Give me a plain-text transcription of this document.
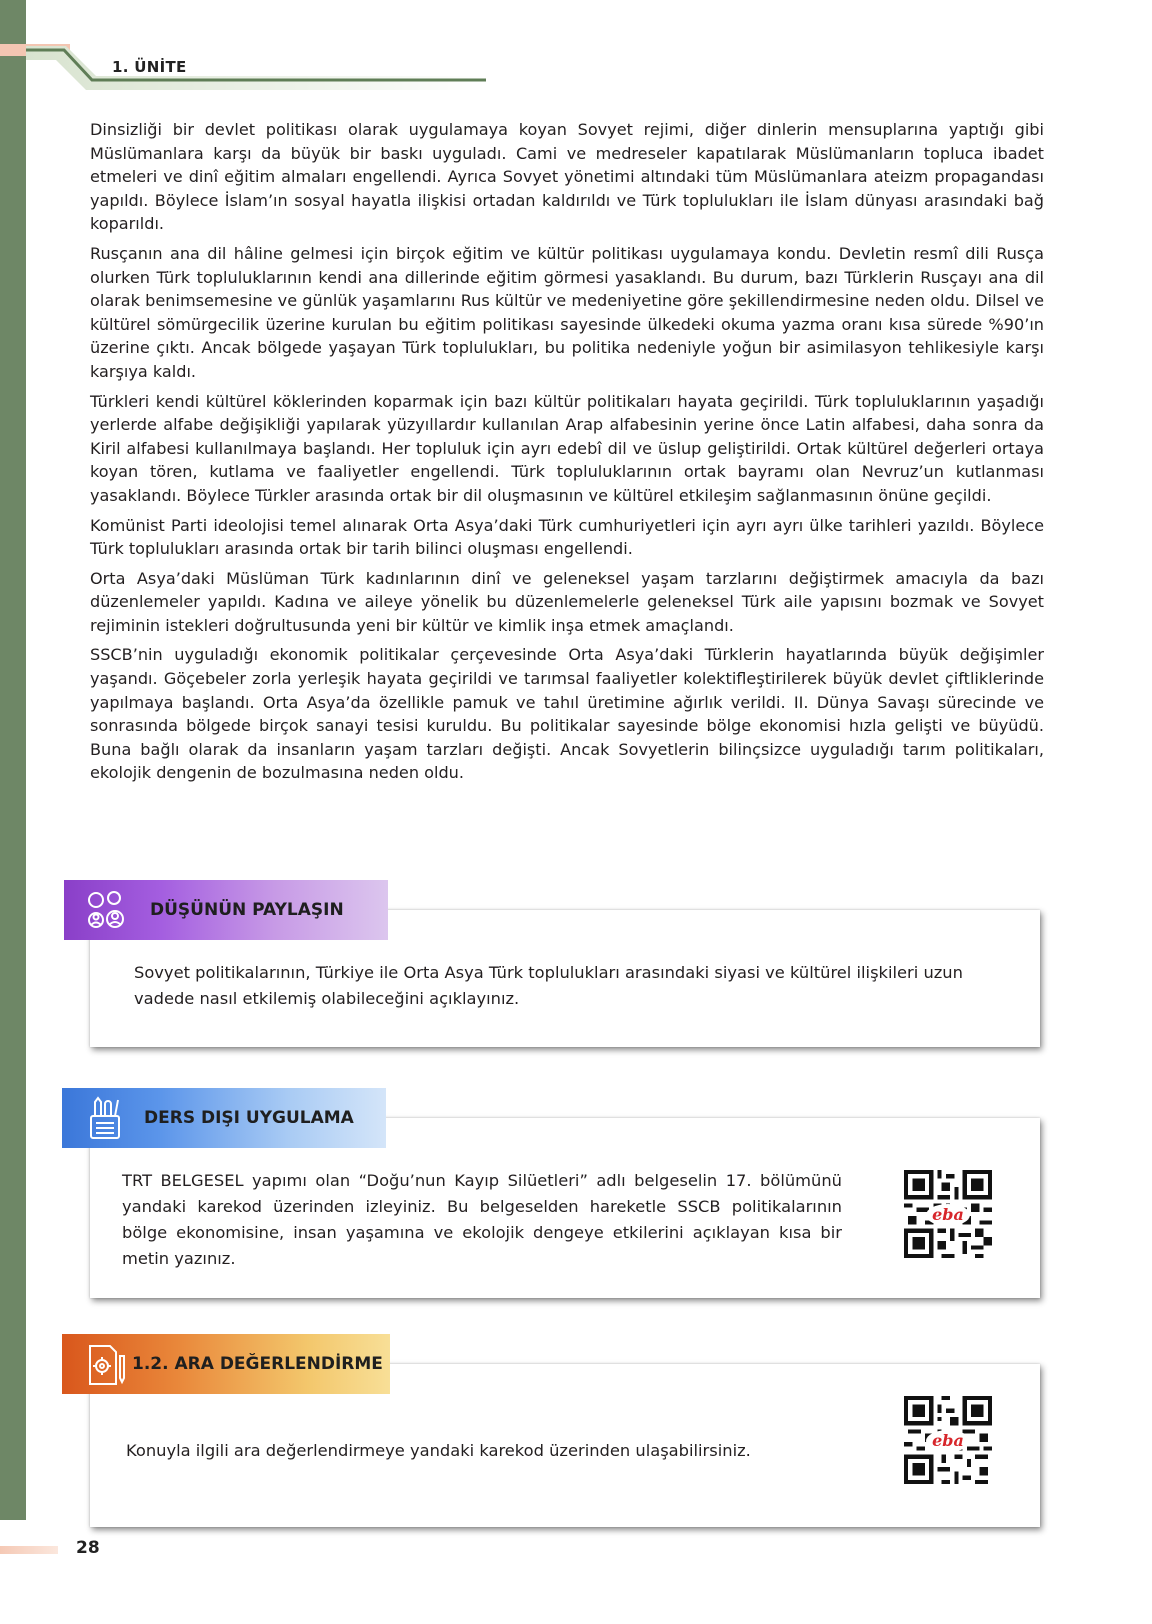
1. ÜNİTE

Dinsizliği bir devlet politikası olarak uygulamaya koyan Sovyet rejimi, diğer dinlerin mensuplarına yaptığı gibi Müslümanlara karşı da büyük bir baskı uyguladı. Cami ve medreseler kapatılarak Müslümanların topluca ibadet etmeleri ve dinî eğitim almaları engellendi. Ayrıca Sovyet yönetimi altındaki tüm Müslümanlara ateizm propagandası yapıldı. Böylece İslam’ın sosyal hayatla ilişkisi ortadan kaldırıldı ve Türk toplulukları ile İslam dünyası arasındaki bağ koparıldı.

Rusçanın ana dil hâline gelmesi için birçok eğitim ve kültür politikası uygulamaya kondu. Devletin resmî dili Rusça olurken Türk topluluklarının kendi ana dillerinde eğitim görmesi yasaklandı. Bu durum, bazı Türklerin Rusçayı ana dil olarak benimsemesine ve günlük yaşamlarını Rus kültür ve medeniyetine göre şekillendirmesine neden oldu. Dilsel ve kültürel sömürgecilik üzerine kurulan bu eğitim politikası sayesinde ülkedeki okuma yazma oranı kısa sürede %90’ın üzerine çıktı. Ancak bölgede yaşayan Türk toplulukları, bu politika nedeniyle yoğun bir asimilasyon tehlikesiyle karşı karşıya kaldı.

Türkleri kendi kültürel köklerinden koparmak için bazı kültür politikaları hayata geçirildi. Türk topluluklarının yaşadığı yerlerde alfabe değişikliği yapılarak yüzyıllardır kullanılan Arap alfabesinin yerine önce Latin alfabesi, daha sonra da Kiril alfabesi kullanılmaya başlandı. Her topluluk için ayrı edebî dil ve üslup geliştirildi. Ortak kültürel değerleri ortaya koyan tören, kutlama ve faaliyetler engellendi. Türk topluluklarının ortak bayramı olan Nevruz’un kutlanması yasaklandı. Böylece Türkler arasında ortak bir dil oluşmasının ve kültürel etkileşim sağlanmasının önüne geçildi.

Komünist Parti ideolojisi temel alınarak Orta Asya’daki Türk cumhuriyetleri için ayrı ayrı ülke tarihleri yazıldı. Böylece Türk toplulukları arasında ortak bir tarih bilinci oluşması engellendi.

Orta Asya’daki Müslüman Türk kadınlarının dinî ve geleneksel yaşam tarzlarını değiştirmek amacıyla da bazı düzenlemeler yapıldı. Kadına ve aileye yönelik bu düzenlemelerle geleneksel Türk aile yapısını bozmak ve Sovyet rejiminin istekleri doğrultusunda yeni bir kültür ve kimlik inşa etmek amaçlandı.

SSCB’nin uyguladığı ekonomik politikalar çerçevesinde Orta Asya’daki Türklerin hayatlarında büyük değişimler yaşandı. Göçebeler zorla yerleşik hayata geçirildi ve tarımsal faaliyetler kolektifleştirilerek büyük devlet çiftliklerinde yapılmaya başlandı. Orta Asya’da özellikle pamuk ve tahıl üretimine ağırlık verildi. II. Dünya Savaşı sürecinde ve sonrasında bölgede birçok sanayi tesisi kuruldu. Bu politikalar sayesinde bölge ekonomisi hızla gelişti ve büyüdü. Buna bağlı olarak da insanların yaşam tarzları değişti. Ancak Sovyetlerin bilinçsizce uyguladığı tarım politikaları, ekolojik dengenin de bozulmasına neden oldu.

Sovyet politikalarının, Türkiye ile Orta Asya Türk toplulukları arasındaki siyasi ve kültürel ilişkileri uzun vadede nasıl etkilemiş olabileceğini açıklayınız.
DÜŞÜNÜN PAYLAŞIN
TRT BELGESEL yapımı olan “Doğu’nun Kayıp Silüetleri” adlı belgeselin 17. bölümünü yandaki karekod üzerinden izleyiniz. Bu belgeselden hareketle SSCB politikalarının bölge ekonomisine, insan yaşamına ve ekolojik dengeye etkilerini açıklayan kısa bir metin yazınız.
eba
DERS DIŞI UYGULAMA
Konuyla ilgili ara değerlendirmeye yandaki karekod üzerinden ulaşabilirsiniz.
eba
1.2. ARA DEĞERLENDİRME
28
